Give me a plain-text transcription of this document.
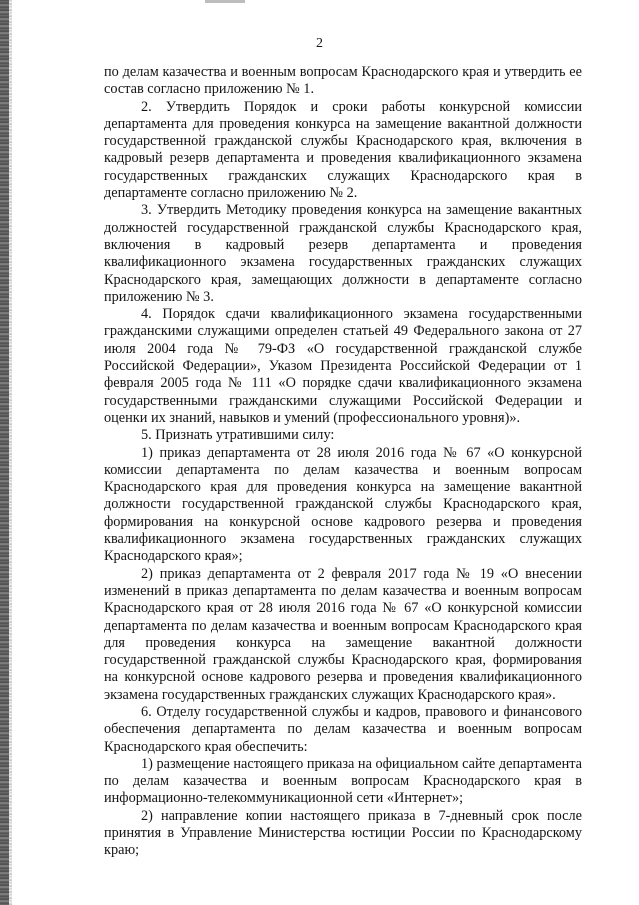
2

по делам казачества и военным вопросам Краснодарского края и утвердить ее состав согласно приложению № 1.

2. Утвердить Порядок и сроки работы конкурсной комиссии департамента для проведения конкурса на замещение вакантной должности государственной гражданской службы Краснодарского края, включения в кадровый резерв департамента и проведения квалификационного экзамена государственных гражданских служащих Краснодарского края в департаменте согласно приложению № 2.

3. Утвердить Методику проведения конкурса на замещение вакантных должностей государственной гражданской службы Краснодарского края, включения в кадровый резерв департамента и проведения квалификационного экзамена государственных гражданских служащих Краснодарского края, замещающих должности в департаменте согласно приложению № 3.

4. Порядок сдачи квалификационного экзамена государственными гражданскими служащими определен статьей 49 Федерального закона от 27 июля 2004 года № 79-ФЗ «О государственной гражданской службе Российской Федерации», Указом Президента Российской Федерации от 1 февраля 2005 года № 111 «О порядке сдачи квалификационного экзамена государственными гражданскими служащими Российской Федерации и оценки их знаний, навыков и умений (профессионального уровня)».

5. Признать утратившими силу:

1) приказ департамента от 28 июля 2016 года № 67 «О конкурсной комиссии департамента по делам казачества и военным вопросам Краснодарского края для проведения конкурса на замещение вакантной должности государственной гражданской службы Краснодарского края, формирования на конкурсной основе кадрового резерва и проведения квалификационного экзамена государственных гражданских служащих Краснодарского края»;

2) приказ департамента от 2 февраля 2017 года № 19 «О внесении изменений в приказ департамента по делам казачества и военным вопросам Краснодарского края от 28 июля 2016 года № 67 «О конкурсной комиссии департамента по делам казачества и военным вопросам Краснодарского края для проведения конкурса на замещение вакантной должности государственной гражданской службы Краснодарского края, формирования на конкурсной основе кадрового резерва и проведения квалификационного экзамена государственных гражданских служащих Краснодарского края».

6. Отделу государственной службы и кадров, правового и финансового обеспечения департамента по делам казачества и военным вопросам Краснодарского края обеспечить:

1) размещение настоящего приказа на официальном сайте департамента по делам казачества и военным вопросам Краснодарского края в информационно-телекоммуникационной сети «Интернет»;

2) направление копии настоящего приказа в 7-дневный срок после принятия в Управление Министерства юстиции России по Краснодарскому краю;
